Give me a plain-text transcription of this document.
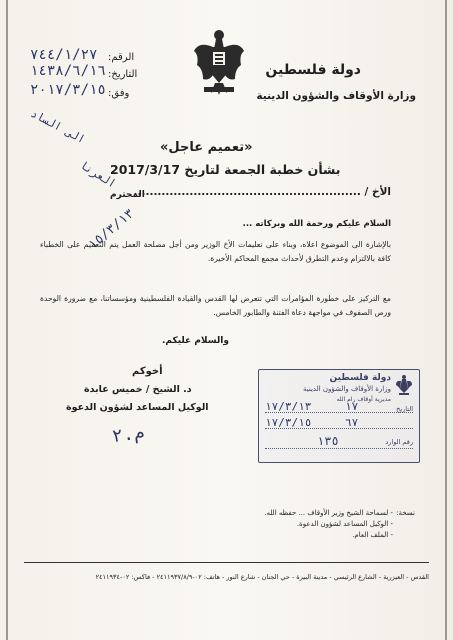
دولة فلسطين
وزارة الأوقاف والشؤون الدينية
الرقم:
٧٤٤/١/٢٧
التاريخ:
١٤٣٨/٦/١٦
وفق:
٢٠١٧/٣/١٥
«تعميم عاجل»
بشأن خطبة الجمعة لتاريخ 2017/3/17
الأخ / .........................................................
المحترم
الى الساد
العرنا
١٥/٣/١٣	السلام عليكم ورحمة الله وبركاته ...
بالإشارة الى الموضوع اعلاه، وبناء على تعليمات الأخ الوزير ومن أجل مصلحة العمل يتم التعميم على الخطباء كافة بالالتزام وعدم التطرق لأحداث مجمع المحاكم الأخيرة.
مع التركيز على خطورة المؤامرات التي تتعرض لها القدس والقيادة الفلسطينية ومؤسساتنا، مع ضرورة الوحدة ورص الصفوف في مواجهة دعاة الفتنة والطابور الخامس.
والسلام عليكم.
أخوكم
د. الشيخ / خميس عابدة
الوكيل المساعد لشؤون الدعوة
م.٢
دولة فلسطين
وزارة الأوقاف والشؤون الدينية
مديرية أوقاف رام الله
التاريخ
١٧/٣/١٣	١٧
١٧/٣/١٥	٦٧
رقم الوارد
١٣٥
نسخة:
- لسماحة الشيخ وزير الأوقاف ... حفظه الله.
- الوكيل المساعد لشؤون الدعوة.
- الملف العام.
القدس - العيزرية - الشارع الرئيسي - مدينة البيرة - حي الجنان - شارع النور - هاتف: ٠٢-٢٤١١٩٣٧/٨/٩ - فاكس: ٠٢-٢٤١١٩٣٤
